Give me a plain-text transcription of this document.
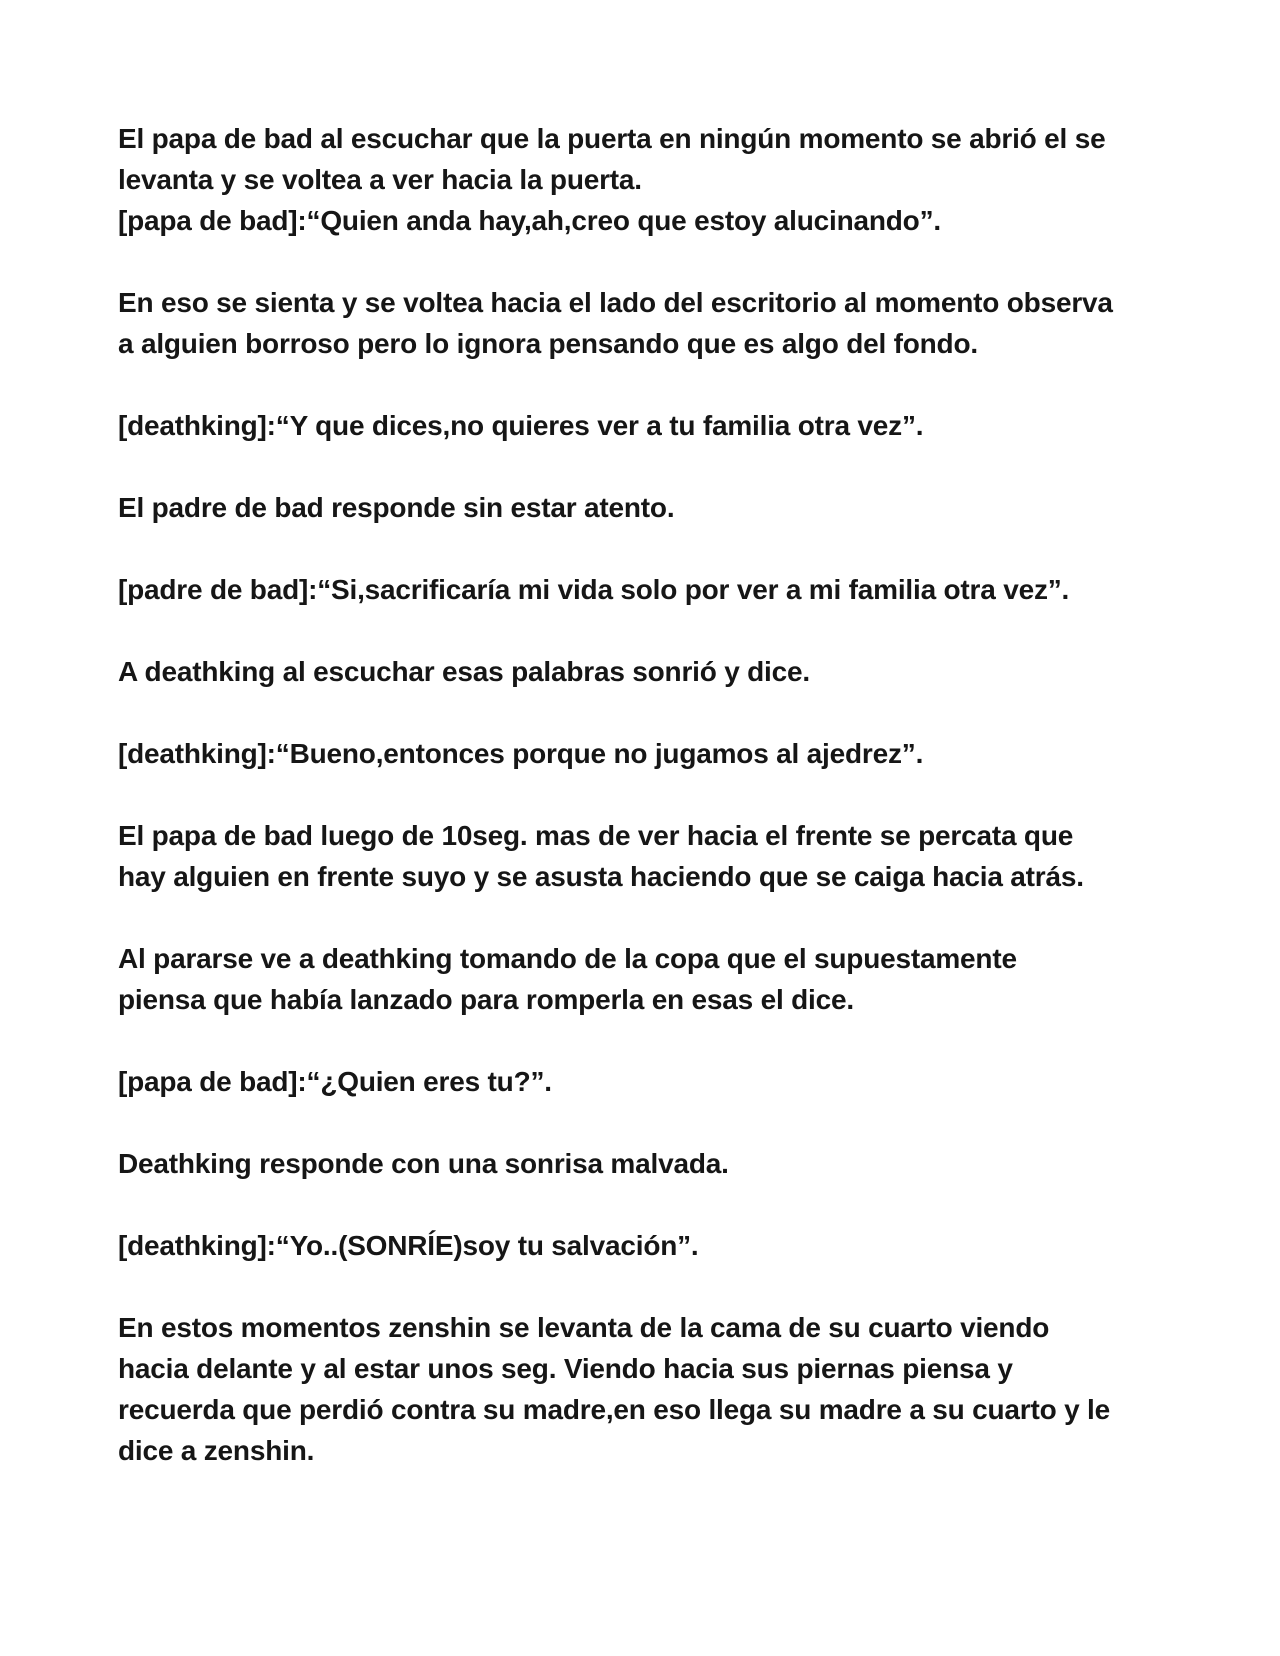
El papa de bad al escuchar que la puerta en ningún momento se abrió el se
levanta y se voltea a ver hacia la puerta.

[papa de bad]:“Quien anda hay,ah,creo que estoy alucinando”.

En eso se sienta y se voltea hacia el lado del escritorio al momento observa
a alguien borroso pero lo ignora pensando que es algo del fondo.

[deathking]:“Y que dices,no quieres ver a tu familia otra vez”.

El padre de bad responde sin estar atento.

[padre de bad]:“Si,sacrificaría mi vida solo por ver a mi familia otra vez”.

A deathking al escuchar esas palabras sonrió y dice.

[deathking]:“Bueno,entonces porque no jugamos al ajedrez”.

El papa de bad luego de 10seg. mas de ver hacia el frente se percata que
hay alguien en frente suyo y se asusta haciendo que se caiga hacia atrás.

Al pararse ve a deathking tomando de la copa que el supuestamente
piensa que había lanzado para romperla en esas el dice.

[papa de bad]:“¿Quien eres tu?”.

Deathking responde con una sonrisa malvada.

[deathking]:“Yo..(SONRÍE)soy tu salvación”.

En estos momentos zenshin se levanta de la cama de su cuarto viendo
hacia delante y al estar unos seg. Viendo hacia sus piernas piensa y
recuerda que perdió contra su madre,en eso llega su madre a su cuarto y le
dice a zenshin.
